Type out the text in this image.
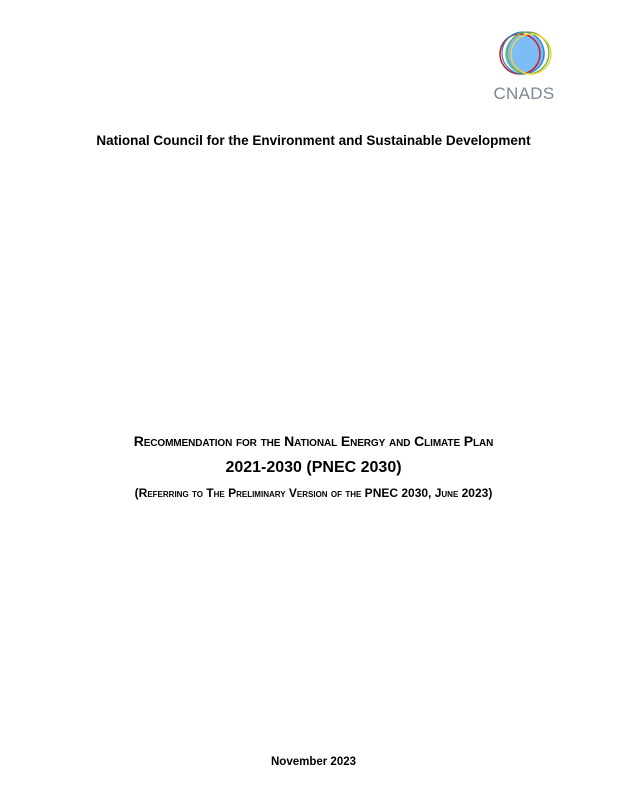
CNADS
National Council for the Environment and Sustainable Development
Recommendation for the National Energy and Climate Plan
2021-2030 (PNEC 2030)
(Referring to The Preliminary Version of the PNEC 2030, June 2023)
November 2023
